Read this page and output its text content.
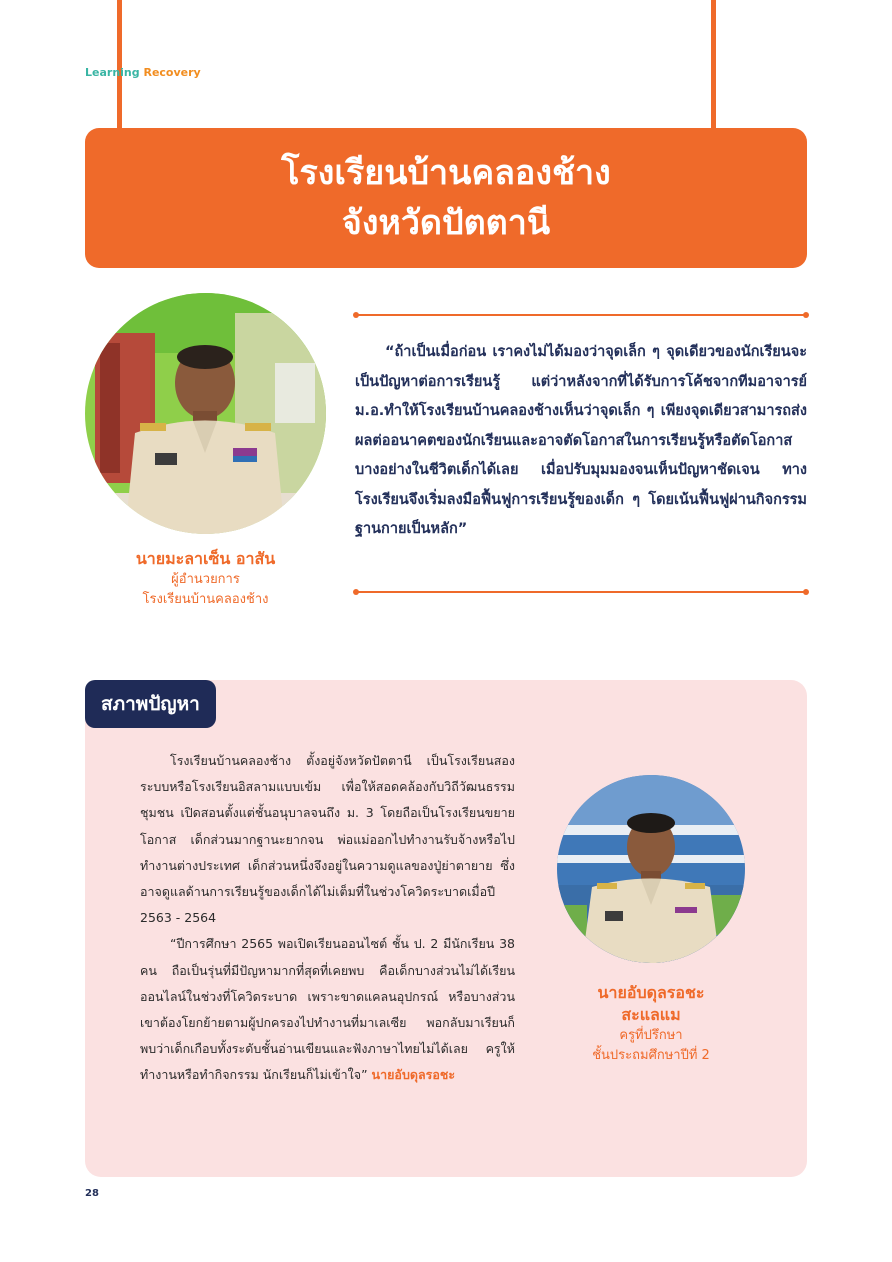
Learning Recovery
โรงเรียนบ้านคลองช้าง
จังหวัดปัตตานี
นายมะลาเซ็น อาสัน
ผู้อำนวยการ
โรงเรียนบ้านคลองช้าง
“ถ้าเป็นเมื่อก่อน เราคงไม่ได้มองว่าจุดเล็ก ๆ จุดเดียวของนักเรียนจะเป็นปัญหาต่อการเรียนรู้ แต่ว่าหลังจากที่ได้รับการโค้ชจากทีมอาจารย์ ม.อ.ทำให้โรงเรียนบ้านคลองช้างเห็นว่าจุดเล็ก ๆ เพียงจุดเดียวสามารถส่งผลต่ออนาคตของนักเรียนและอาจตัดโอกาสในการเรียนรู้หรือตัดโอกาสบางอย่างในชีวิตเด็กได้เลย เมื่อปรับมุมมองจนเห็นปัญหาชัดเจน ทางโรงเรียนจึงเริ่มลงมือฟื้นฟูการเรียนรู้ของเด็ก ๆ โดยเน้นฟื้นฟูผ่านกิจกรรมฐานกายเป็นหลัก”
สภาพปัญหา

โรงเรียนบ้านคลองช้าง ตั้งอยู่จังหวัดปัตตานี เป็นโรงเรียนสองระบบหรือโรงเรียนอิสลามแบบเข้ม เพื่อให้สอดคล้องกับวิถีวัฒนธรรมชุมชน เปิดสอนตั้งแต่ชั้นอนุบาลจนถึง ม. 3 โดยถือเป็นโรงเรียนขยายโอกาส เด็กส่วนมากฐานะยากจน พ่อแม่ออกไปทำงานรับจ้างหรือไปทำงานต่างประเทศ เด็กส่วนหนึ่งจึงอยู่ในความดูแลของปู่ย่าตายาย ซึ่งอาจดูแลด้านการเรียนรู้ของเด็กได้ไม่เต็มที่ในช่วงโควิดระบาดเมื่อปี 2563 - 2564

“ปีการศึกษา 2565 พอเปิดเรียนออนไซต์ ชั้น ป. 2 มีนักเรียน 38 คน ถือเป็นรุ่นที่มีปัญหามากที่สุดที่เคยพบ คือเด็กบางส่วนไม่ได้เรียนออนไลน์ในช่วงที่โควิดระบาด เพราะขาดแคลนอุปกรณ์ หรือบางส่วนเขาต้องโยกย้ายตามผู้ปกครองไปทำงานที่มาเลเซีย พอกลับมาเรียนก็พบว่าเด็กเกือบทั้งระดับชั้นอ่านเขียนและฟังภาษาไทยไม่ได้เลย ครูให้ทำงานหรือทำกิจกรรม นักเรียนก็ไม่เข้าใจ” นายอับดุลรอชะ

นายอับดุลรอชะ
สะแลแม
ครูที่ปรึกษา
ชั้นประถมศึกษาปีที่ 2
28
